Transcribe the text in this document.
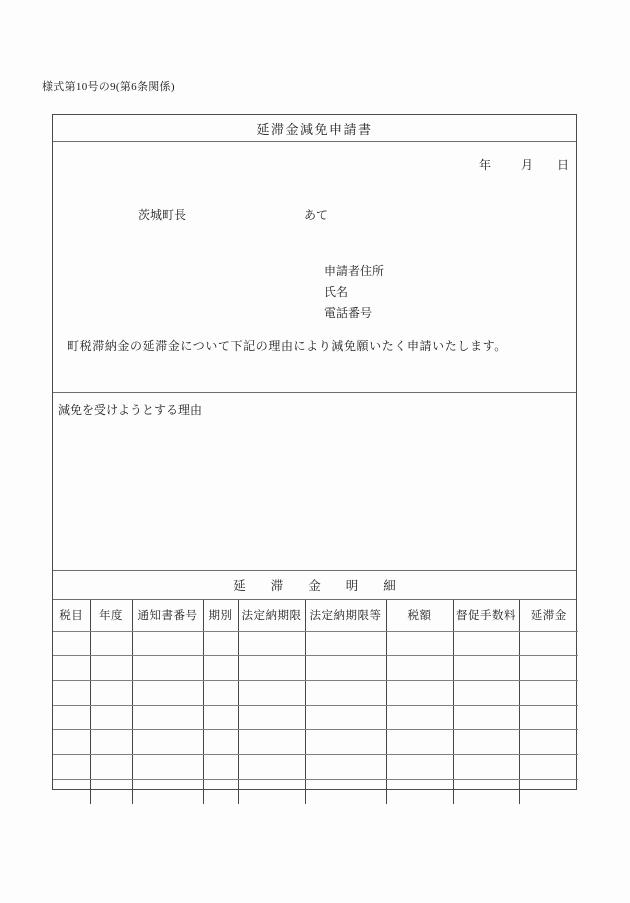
様式第10号の9(第6条関係)
延滞金減免申請書
年	月 日
茨城町長	あて
申請者住所
氏名
電話番号
町税滞納金の延滞金について下記の理由により減免願いたく申請いたします。
減免を受けようとする理由
延　　滞　　金　　明　　細
税目	年度	通知書番号	期別	法定納期限	法定納期限等	税額	督促手数料	延滞金
